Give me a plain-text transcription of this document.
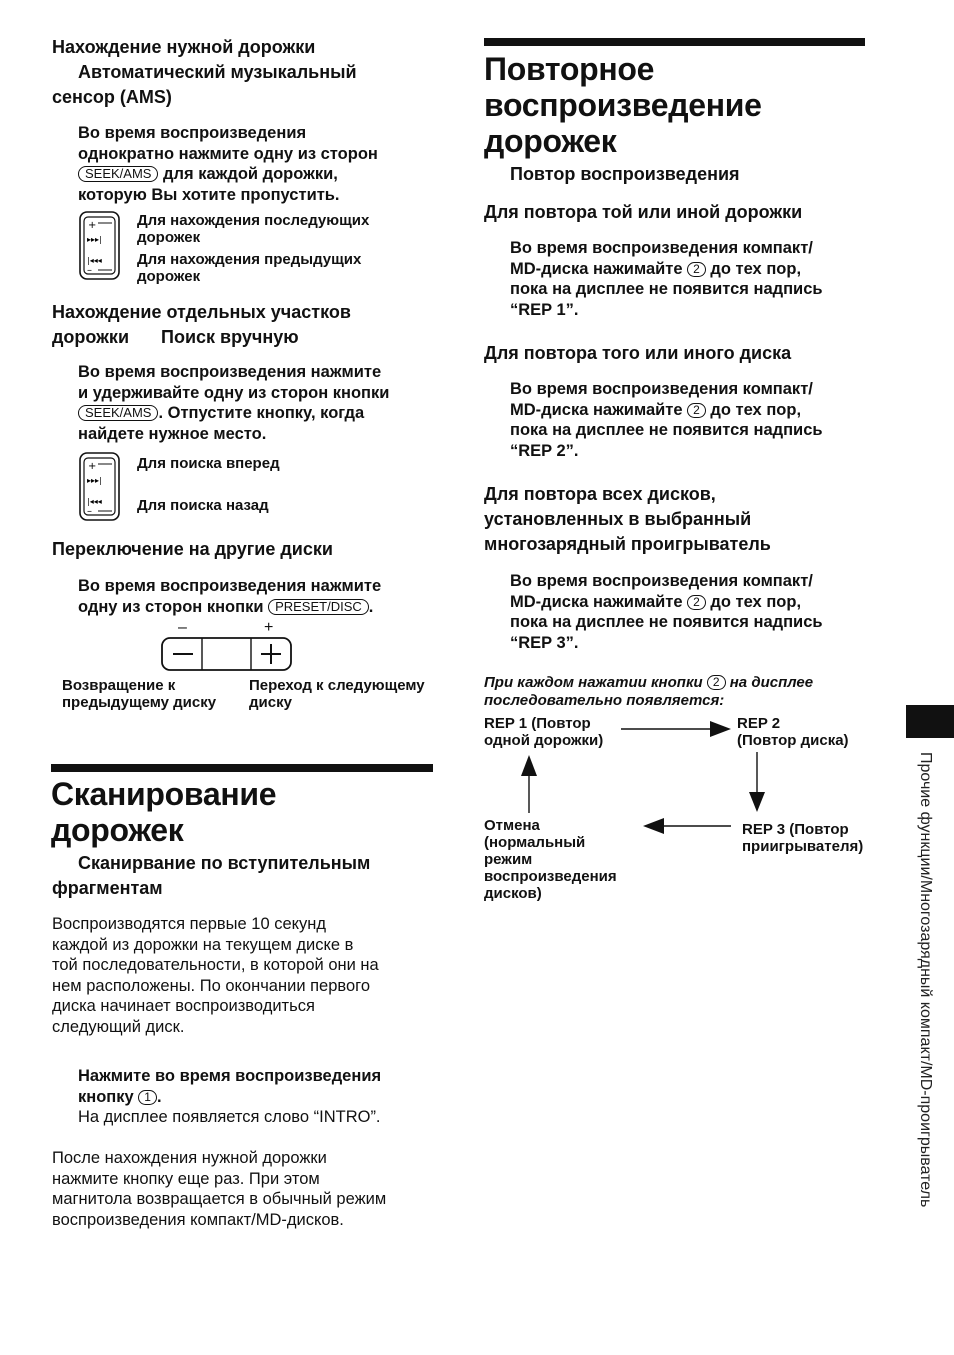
Нахождение нужной дорожки
Автоматический музыкальный
сенсор (AMS)
Во время воспроизведения
однократно нажмите одну из сторон
SEEK/AMS для каждой дорожки,
которую Вы хотите пропустить.
+
▸▸▸|
|◂◂◂
–
Для нахождения последующих
дорожек
Для нахождения предыдущих
дорожек
Нахождение отдельных участков
дорожки Поиск вручную
Во время воспроизведения нажмите
и удерживайте одну из сторон кнопки
SEEK/AMS . Отпустите кнопку, когда
найдете нужное место.
+
▸▸▸|
|◂◂◂
–
Для поиска вперед
Для поиска назад
Переключение на другие диски
Во время воспроизведения нажмите
одну из сторон кнопки PRESET/DISC .
–	+
Возвращение к
предыдущему диску
Переход к следующему
диску
Сканирование
дорожек
Сканирвание по вступительным
фрагментам
Воспроизводятся первые 10 секунд
каждой из дорожки на текущем диске в
той последовательности, в которой они на
нем расположены. По окончании первого
диска начинает воспроизводиться
следующий диск.
Нажмите во время воспроизведения
кнопку 1 .
На дисплее появляется слово “INTRO”.
После нахождения нужной дорожки
нажмите кнопку еще раз. При этом
магнитола возвращается в обычный режим
воспроизведения компакт/MD-дисков.
Повторное
воспроизведение
дорожек
Повтор воспроизведения
Для повтора той или иной дорожки
Во время воспроизведения компакт/
MD-диска нажимайте 2 до тех пор,
пока на дисплее не появится надпись
“REP 1”.
Для повтора того или иного диска
Во время воспроизведения компакт/
MD-диска нажимайте 2 до тех пор,
пока на дисплее не появится надпись
“REP 2”.
Для повтора всех дисков,
установленных в выбранный
многозарядный проигрыватель
Во время воспроизведения компакт/
MD-диска нажимайте 2 до тех пор,
пока на дисплее не появится надпись
“REP 3”.
При каждом нажатии кнопки 2 на дисплее
последовательно появляется:
REP 1 (Повтор
одной дорожки)
REP 2
(Повтор диска)
REP 3 (Повтор
приигрывателя)
Отмена
(нормальный
режим
воспроизведения
дисков)	Прочие функции/Многозарядный компакт/MD-проигрыватель
